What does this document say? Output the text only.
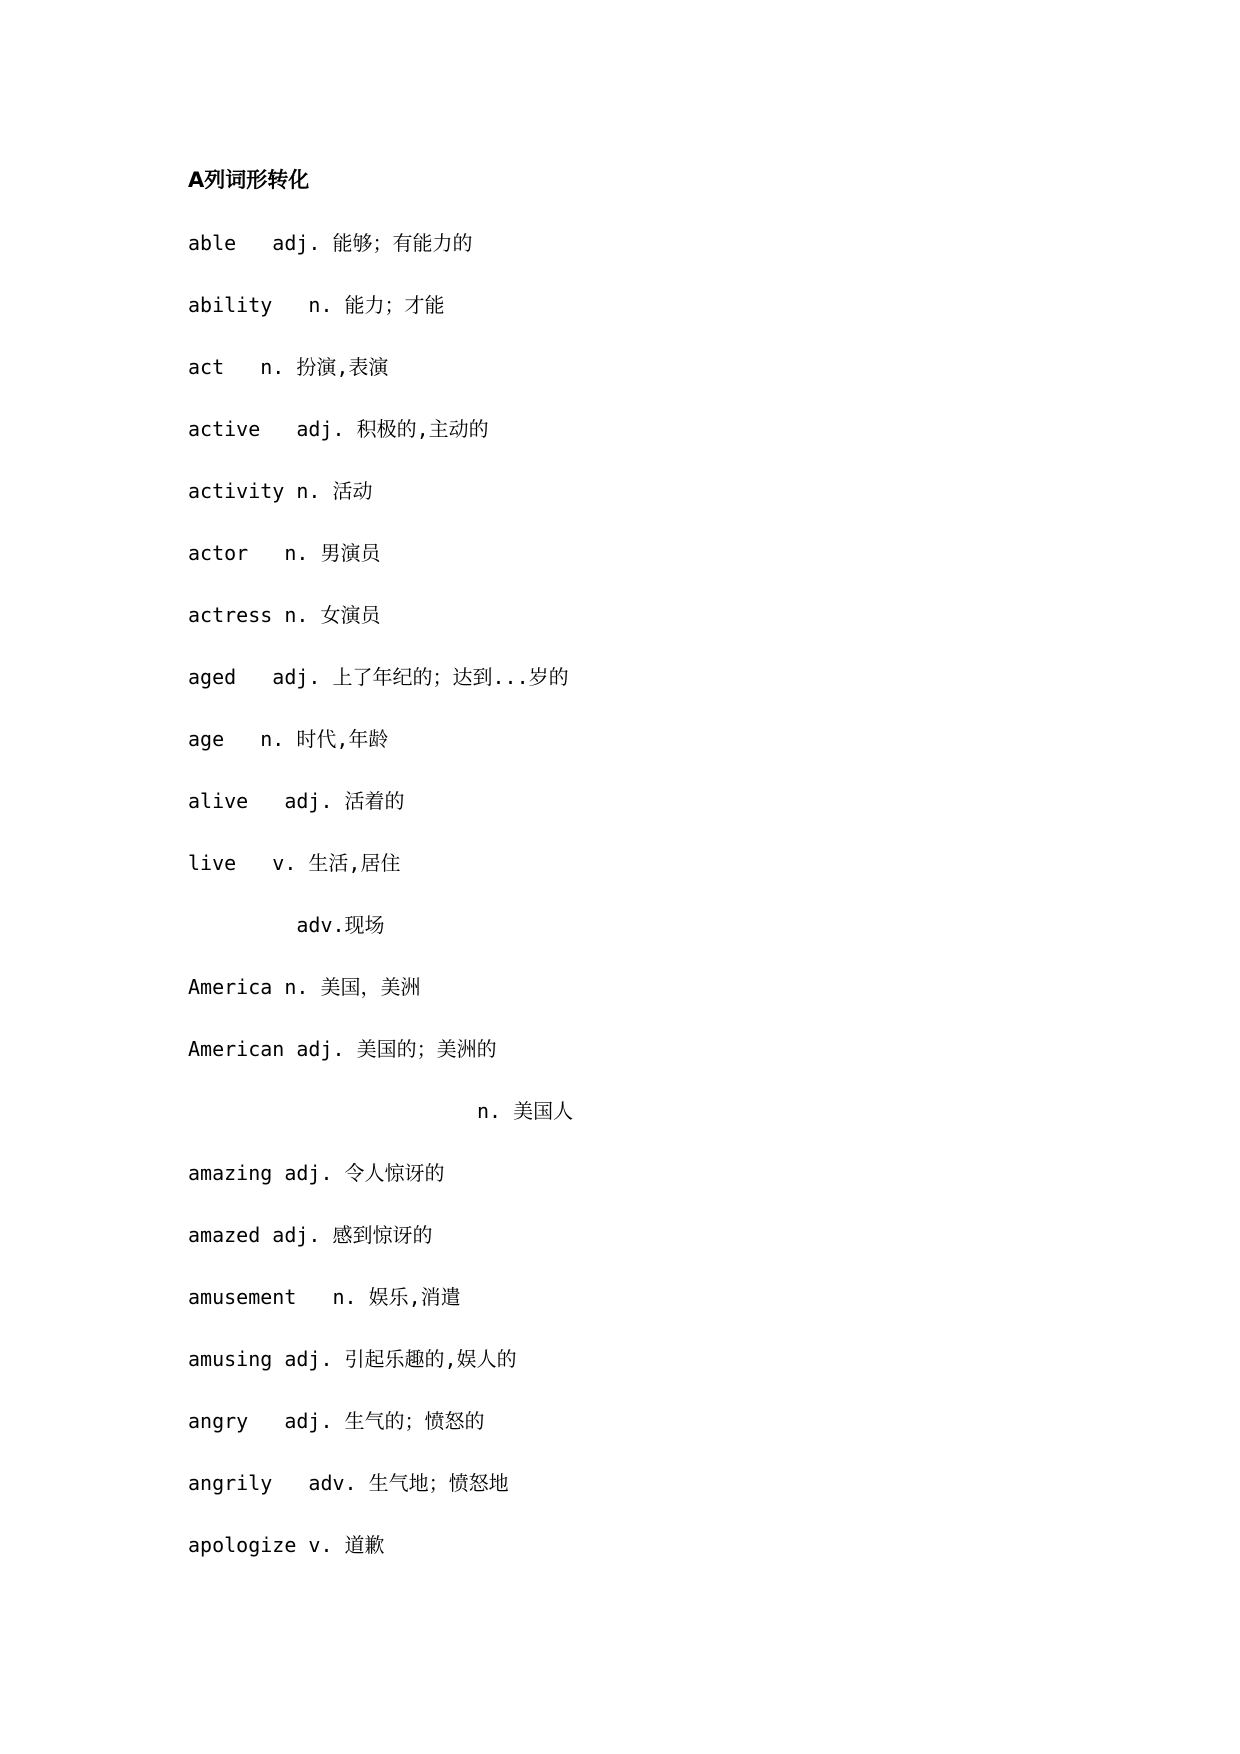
A列词形转化
able   adj. 能够；有能力的
ability   n. 能力；才能
act   n. 扮演,表演
active   adj. 积极的,主动的
activity n. 活动
actor   n. 男演员
actress n. 女演员
aged   adj. 上了年纪的；达到...岁的
age   n. 时代,年龄
alive   adj. 活着的
live   v. 生活,居住
adv.现场
America n. 美国，美洲
American adj. 美国的；美洲的
n. 美国人
amazing adj. 令人惊讶的
amazed adj. 感到惊讶的
amusement   n. 娱乐,消遣
amusing adj. 引起乐趣的,娱人的
angry   adj. 生气的；愤怒的
angrily   adv. 生气地；愤怒地
apologize v. 道歉
